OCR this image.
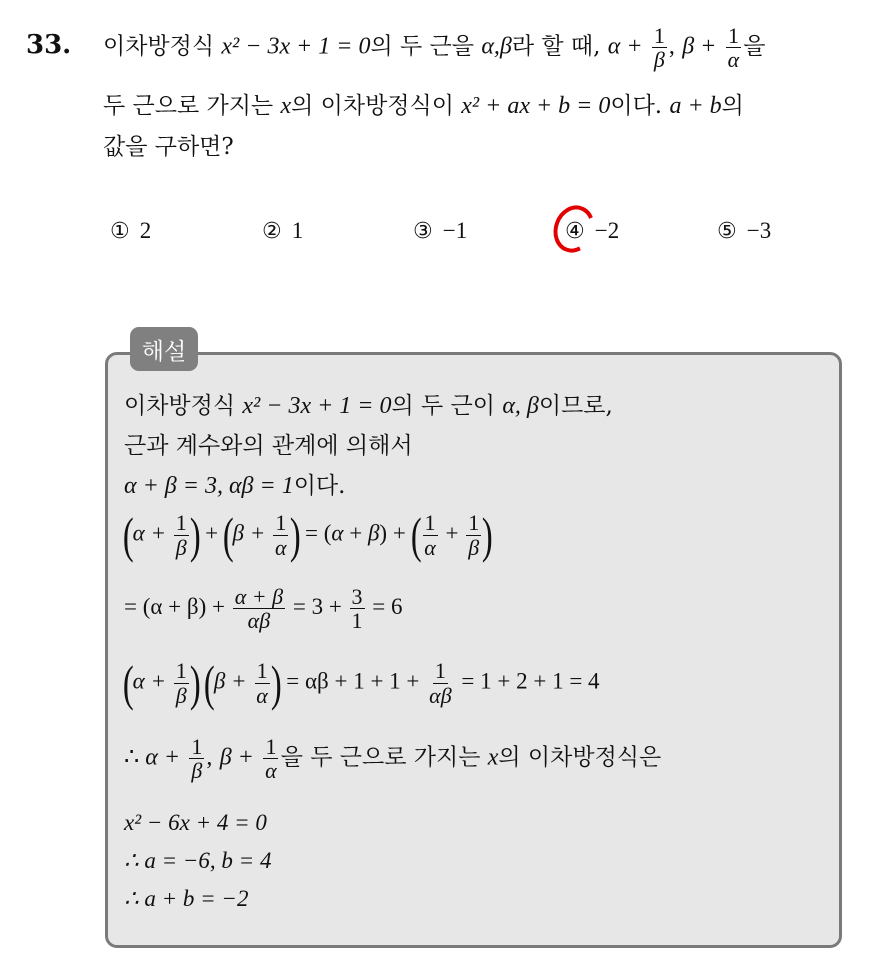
33. 이차방정식 x² − 3x + 1 = 0의 두 근을 α,β라 할 때, $\alpha + \frac{1}{\beta}$ , $\beta + \frac{1}{\alpha}$ 을
두 근으로 가지는 x의 이차방정식이 x² + ax + b = 0이다. a + b의
값을 구하면?
① 2	② 1	③ −1	④ −2	⑤ −3
해설
이차방정식 x² − 3x + 1 = 0의 두 근이 α, β이므로,
근과 계수와의 관계에 의해서
α + β = 3, αβ = 1이다.
($\alpha + \frac{1}{\beta}$ ) + ($\beta + \frac{1}{\alpha}$ ) = (α + β) + ( $\frac{1}{\alpha} + \frac{1}{\beta}$ )
= $(\alpha + \beta) + \frac{\alpha + \beta}{\alpha\beta} = 3 + \frac{3}{1} = 6$
($\alpha + \frac{1}{\beta}$ ) ($\beta + \frac{1}{\alpha}$ ) = $\alpha\beta + 1 + 1 + \frac{1}{\alpha\beta} = 1 + 2 + 1 = 4$
∴ $\alpha + \frac{1}{\beta}$ , $\beta + \frac{1}{\alpha}$ 을 두 근으로 가지는 x의 이차방정식은
x² − 6x + 4 = 0
∴ a = −6, b = 4
∴ a + b = −2
